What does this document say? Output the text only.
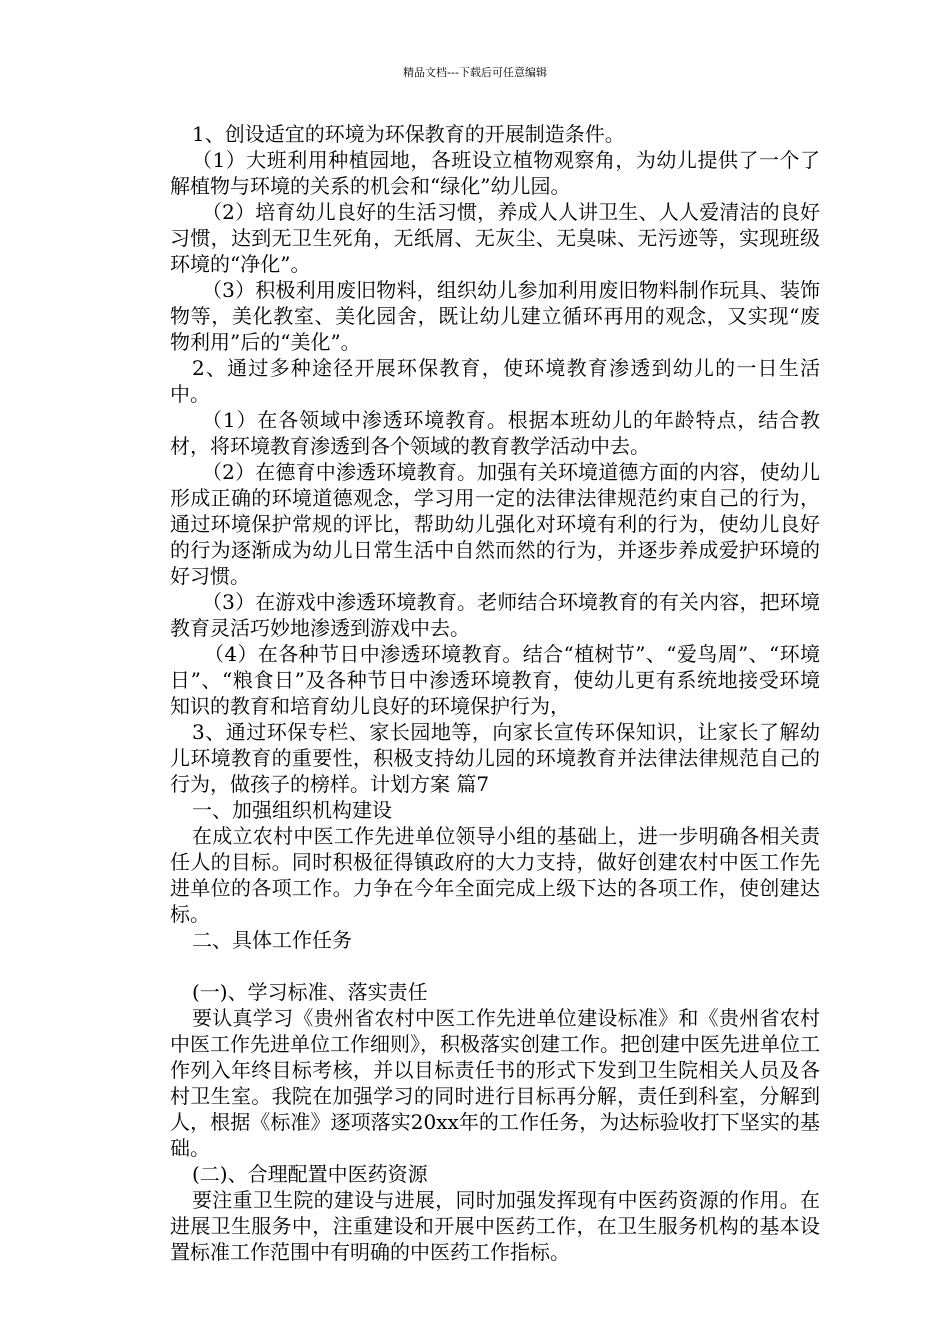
精品文档---下载后可任意编辑

1、创设适宜的环境为环保教育的开展制造条件。

（1）大班利用种植园地，各班设立植物观察角，为幼儿提供了一个了解植物与环境的关系的机会和“绿化”幼儿园。

（2）培育幼儿良好的生活习惯，养成人人讲卫生、人人爱清洁的良好习惯，达到无卫生死角，无纸屑、无灰尘、无臭味、无污迹等，实现班级环境的“净化”。

（3）积极利用废旧物料，组织幼儿参加利用废旧物料制作玩具、装饰物等，美化教室、美化园舍，既让幼儿建立循环再用的观念，又实现“废物利用”后的“美化”。

2、通过多种途径开展环保教育，使环境教育渗透到幼儿的一日生活中。

（1）在各领域中渗透环境教育。根据本班幼儿的年龄特点，结合教材，将环境教育渗透到各个领域的教育教学活动中去。

（2）在德育中渗透环境教育。加强有关环境道德方面的内容，使幼儿形成正确的环境道德观念，学习用一定的法律法律规范约束自己的行为，通过环境保护常规的评比，帮助幼儿强化对环境有利的行为，使幼儿良好的行为逐渐成为幼儿日常生活中自然而然的行为，并逐步养成爱护环境的好习惯。

（3）在游戏中渗透环境教育。老师结合环境教育的有关内容，把环境教育灵活巧妙地渗透到游戏中去。

（4）在各种节日中渗透环境教育。结合“植树节”、“爱鸟周”、“环境日”、“粮食日”及各种节日中渗透环境教育，使幼儿更有系统地接受环境知识的教育和培育幼儿良好的环境保护行为，

3、通过环保专栏、家长园地等，向家长宣传环保知识，让家长了解幼儿环境教育的重要性，积极支持幼儿园的环境教育并法律法律规范自己的行为，做孩子的榜样。计划方案 篇7

一、加强组织机构建设

在成立农村中医工作先进单位领导小组的基础上，进一步明确各相关责任人的目标。同时积极征得镇政府的大力支持，做好创建农村中医工作先进单位的各项工作。力争在今年全面完成上级下达的各项工作，使创建达标。

二、具体工作任务

(一)、学习标准、落实责任

要认真学习《贵州省农村中医工作先进单位建设标准》和《贵州省农村中医工作先进单位工作细则》，积极落实创建工作。把创建中医先进单位工作列入年终目标考核，并以目标责任书的形式下发到卫生院相关人员及各村卫生室。我院在加强学习的同时进行目标再分解，责任到科室，分解到人，根据《标准》逐项落实20xx年的工作任务，为达标验收打下坚实的基础。

(二)、合理配置中医药资源

要注重卫生院的建设与进展，同时加强发挥现有中医药资源的作用。在进展卫生服务中，注重建设和开展中医药工作，在卫生服务机构的基本设置标准工作范围中有明确的中医药工作指标。
